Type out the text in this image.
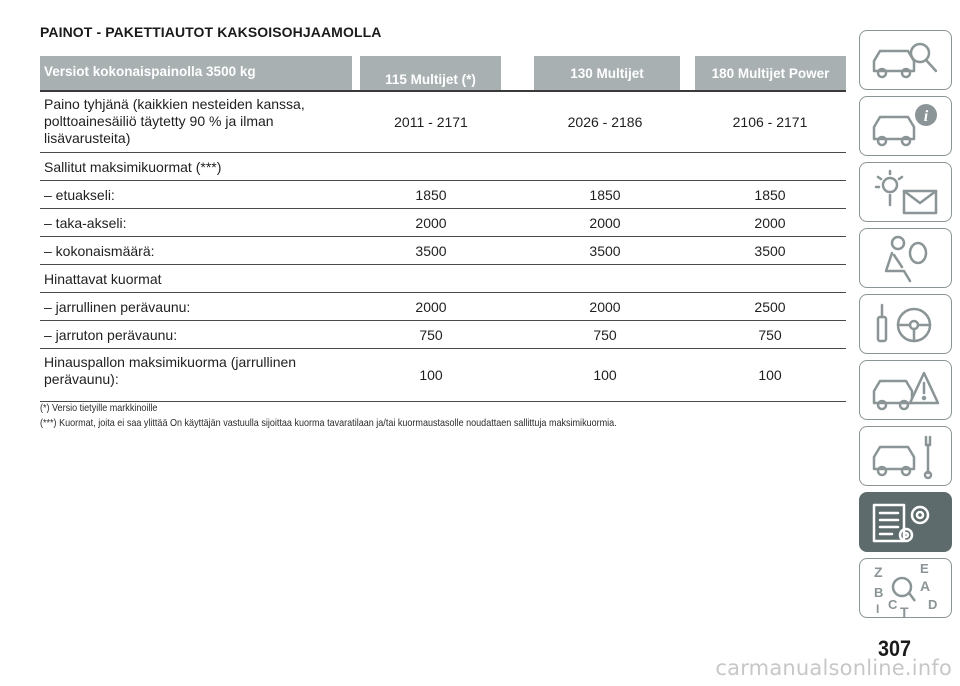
PAINOT - PAKETTIAUTOT KAKSOISOHJAAMOLLA
Versiot kokonaispainolla 3500 kg
115 Multijet (*)	130 Multijet	180 Multijet Power
Paino tyhjänä (kaikkien nesteiden kanssa,
polttoainesäiliö täytetty 90 % ja ilman
lisävarusteita)
2011 - 2171	2026 - 2186	2106 - 2171
Sallitut maksimikuormat (***)
– etuakseli:	1850	1850	1850
– taka-akseli:	2000	2000	2000
– kokonaismäärä:	3500	3500	3500
Hinattavat kuormat
– jarrullinen perävaunu:	2000	2000	2500
– jarruton perävaunu:	750	750	750
Hinauspallon maksimikuorma (jarrullinen
perävaunu):	100	100	100
(*) Versio tietyille markkinoille
(***) Kuormat, joita ei saa ylittää On käyttäjän vastuulla sijoittaa kuorma tavaratilaan ja/tai kuormaustasolle noudattaen sallittuja maksimikuormia.
i
Z	E
B	A
C T D
I
307
carmanualsonline.info
